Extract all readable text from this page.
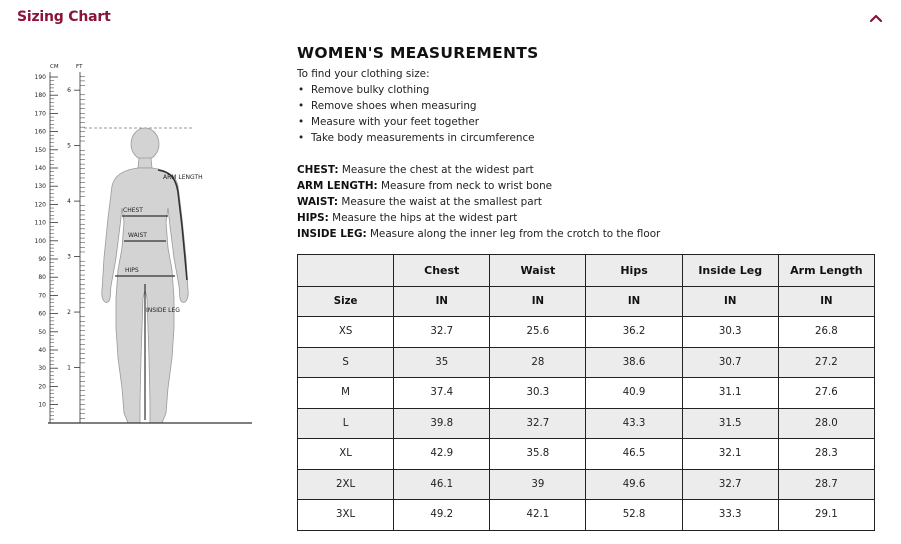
Sizing Chart
CM	FT
190
180
170
160
150
140
130
120
110
100
90
80
70
60
50
40
30
20
10
6
5
4
3
2
1
ARM LENGTH
CHEST
WAIST
HIPS
INSIDE LEG
WOMEN'S MEASUREMENTS
To find your clothing size:
• Remove bulky clothing
• Remove shoes when measuring
• Measure with your feet together
• Take body measurements in circumference
CHEST: Measure the chest at the widest part
ARM LENGTH: Measure from neck to wrist bone
WAIST: Measure the waist at the smallest part
HIPS: Measure the hips at the widest part
INSIDE LEG: Measure along the inner leg from the crotch to the floor
	Chest	Waist	Hips	Inside Leg	Arm Length
Size	IN	IN	IN	IN	IN
XS	32.7	25.6	36.2	30.3	26.8
S	35	28	38.6	30.7	27.2
M	37.4	30.3	40.9	31.1	27.6
L	39.8	32.7	43.3	31.5	28.0
XL	42.9	35.8	46.5	32.1	28.3
2XL	46.1	39	49.6	32.7	28.7
3XL	49.2	42.1	52.8	33.3	29.1
